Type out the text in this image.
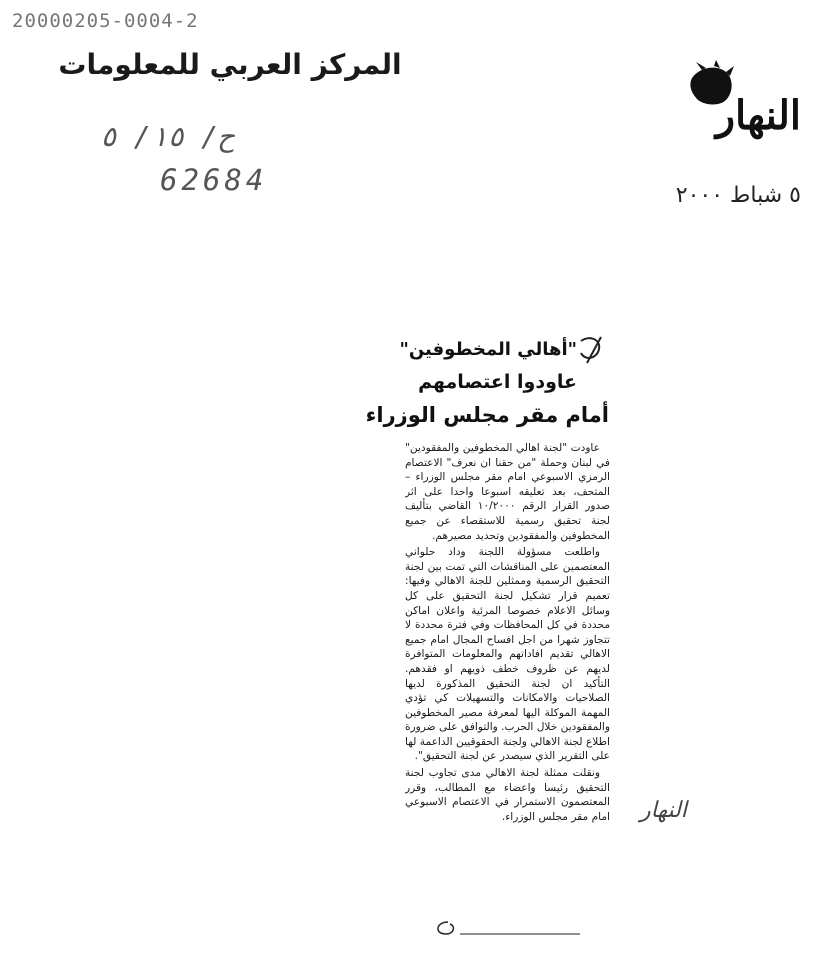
20000205-0004-2
ح/ ۱٥/ ٥
62684
المركز العربي للمعلومات
النهار
٥ شباط ٢٠٠٠
"أهالي المخطوفين"
عاودوا اعتصامهم
أمام مقر مجلس الوزراء

عاودت "لجنة اهالي المخطوفين والمفقودين" في لبنان وحملة "من حقنا ان نعرف" الاعتصام الرمزي الاسبوعي امام مقر مجلس الوزراء – المتحف، بعد تعليقه اسبوعا واحدا على اثر صدور القرار الرقم ١٠/٢٠٠٠ القاضي بتأليف لجنة تحقيق رسمية للاستقصاء عن جميع المخطوفين والمفقودين وتحديد مصيرهم.

واطلعت مسؤولة اللجنة وداد حلواني المعتصمين على المناقشات التي تمت بين لجنة التحقيق الرسمية وممثلين للجنة الاهالي وفيها: تعميم قرار تشكيل لجنة التحقيق على كل وسائل الاعلام خصوصا المرئية واعلان اماكن محددة في كل المحافظات وفي فترة محددة لا تتجاوز شهرا من اجل افساح المجال امام جميع الاهالي تقديم افاداتهم والمعلومات المتوافرة لديهم عن ظروف خطف ذويهم او فقدهم. التأكيد ان لجنة التحقيق المذكورة لديها الصلاحيات والامكانات والتسهيلات كي تؤدي المهمة الموكلة اليها لمعرفة مصير المخطوفين والمفقودين خلال الحرب. والتوافق على ضرورة اطلاع لجنة الاهالي ولجنة الحقوقيين الداعمة لها على التقرير الذي سيصدر عن لجنة التحقيق".

ونقلت ممثلة لجنة الاهالي مدى تجاوب لجنة التحقيق رئيسا واعضاء مع المطالب، وقرر المعتصمون الاستمرار في الاعتصام الاسبوعي امام مقر مجلس الوزراء. النهار
